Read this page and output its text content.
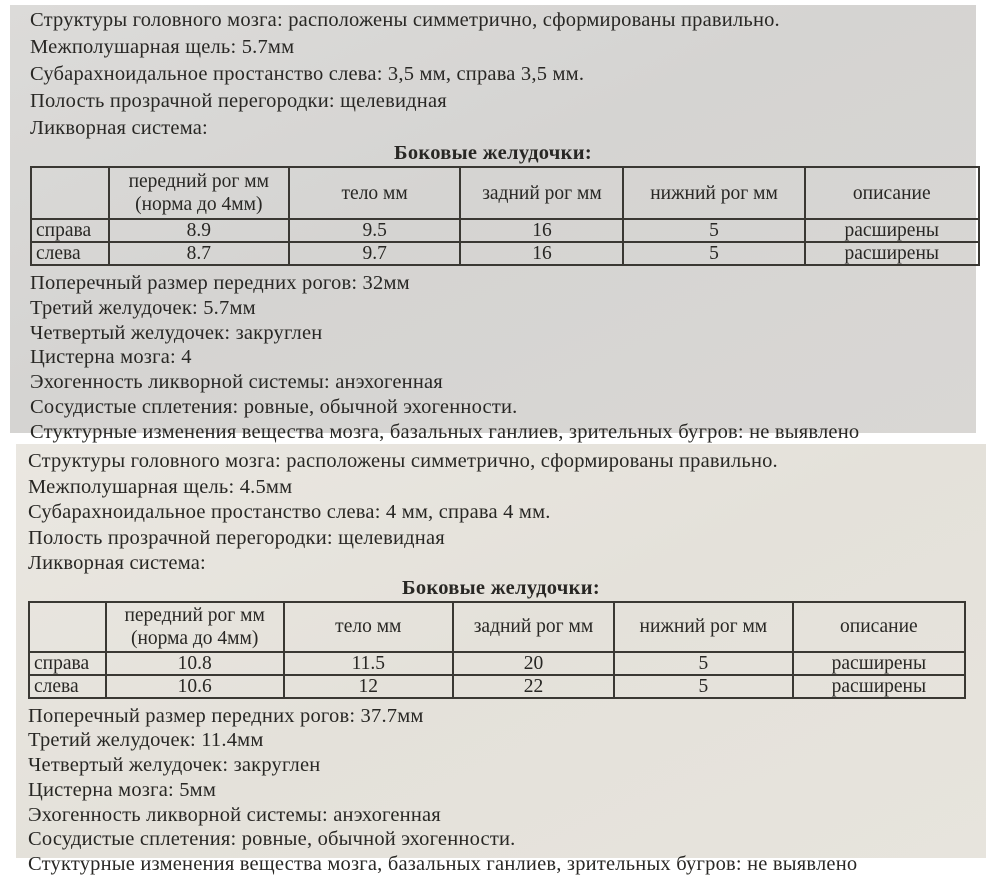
Структуры головного мозга: расположены симметрично, сформированы правильно.
Межполушарная щель: 5.7мм
Субарахноидальное простанство слева: 3,5 мм, справа 3,5 мм.
Полость прозрачной перегородки: щелевидная
Ликворная система:
Боковые желудочки:
	передний рог мм (норма до 4мм)	тело мм	задний рог мм	нижний рог мм	описание
справа	8.9	9.5	16	5	расширены
слева	8.7	9.7	16	5	расширены
Поперечный размер передних рогов: 32мм
Третий желудочек: 5.7мм
Четвертый желудочек: закруглен
Цистерна мозга: 4
Эхогенность ликворной системы: анэхогенная
Сосудистые сплетения: ровные, обычной эхогенности.
Стуктурные изменения вещества мозга, базальных ганлиев, зрительных бугров: не выявлено
Структуры головного мозга: расположены симметрично, сформированы правильно.
Межполушарная щель: 4.5мм
Субарахноидальное простанство слева: 4 мм, справа 4 мм.
Полость прозрачной перегородки: щелевидная
Ликворная система:
Боковые желудочки:
	передний рог мм (норма до 4мм)	тело мм	задний рог мм	нижний рог мм	описание
справа	10.8	11.5	20	5	расширены
слева	10.6	12	22	5	расширены
Поперечный размер передних рогов: 37.7мм
Третий желудочек: 11.4мм
Четвертый желудочек: закруглен
Цистерна мозга: 5мм
Эхогенность ликворной системы: анэхогенная
Сосудистые сплетения: ровные, обычной эхогенности.
Стуктурные изменения вещества мозга, базальных ганлиев, зрительных бугров: не выявлено
